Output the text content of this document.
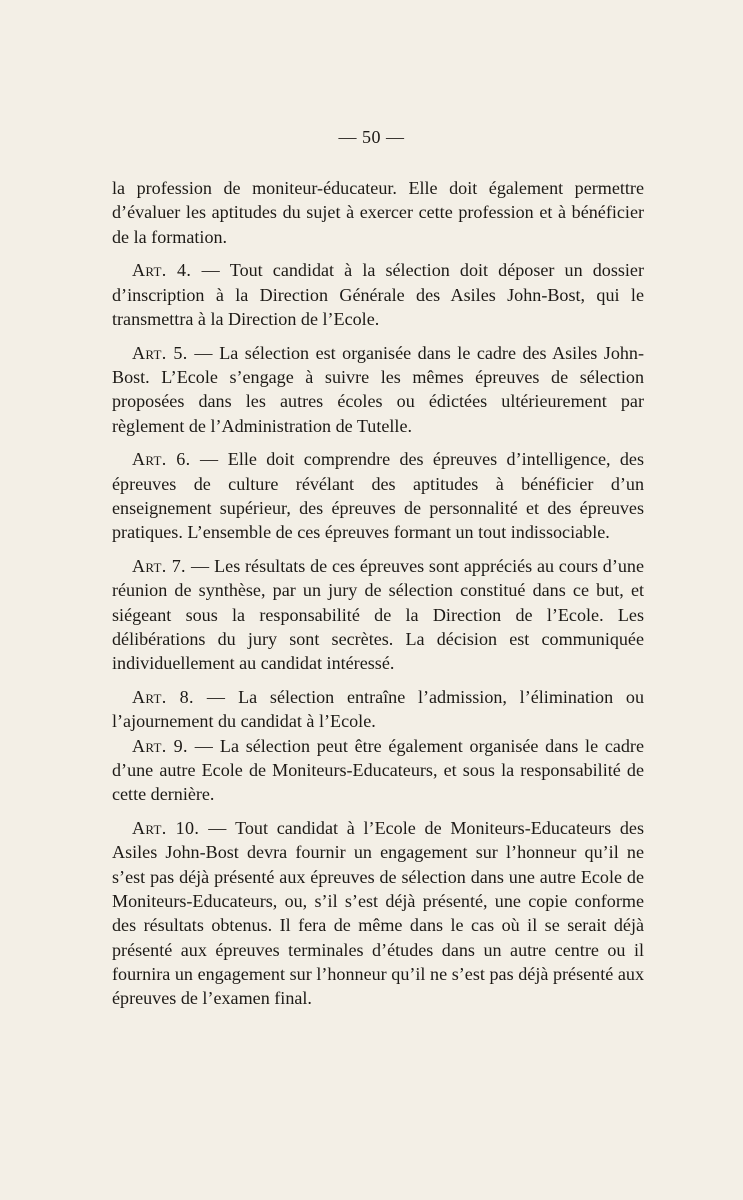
— 50 —

la profession de moniteur-éducateur. Elle doit également permettre d’évaluer les aptitudes du sujet à exercer cette profession et à bénéficier de la formation.

Art. 4. — Tout candidat à la sélection doit déposer un dossier d’inscription à la Direction Générale des Asiles John-Bost, qui le transmettra à la Direction de l’Ecole.

Art. 5. — La sélection est organisée dans le cadre des Asiles John-Bost. L’Ecole s’engage à suivre les mêmes épreuves de sélection proposées dans les autres écoles ou édictées ultérieurement par règlement de l’Administration de Tutelle.

Art. 6. — Elle doit comprendre des épreuves d’intelligence, des épreuves de culture révélant des aptitudes à bénéficier d’un enseignement supérieur, des épreuves de personnalité et des épreuves pratiques. L’ensemble de ces épreuves formant un tout indissociable.

Art. 7. — Les résultats de ces épreuves sont appréciés au cours d’une réunion de synthèse, par un jury de sélection constitué dans ce but, et siégeant sous la responsabilité de la Direction de l’Ecole. Les délibérations du jury sont secrètes. La décision est communiquée individuellement au candidat intéressé.

Art. 8. — La sélection entraîne l’admission, l’élimination ou l’ajournement du candidat à l’Ecole.

Art. 9. — La sélection peut être également organisée dans le cadre d’une autre Ecole de Moniteurs-Educateurs, et sous la responsabilité de cette dernière.

Art. 10. — Tout candidat à l’Ecole de Moniteurs-Educateurs des Asiles John-Bost devra fournir un engagement sur l’honneur qu’il ne s’est pas déjà présenté aux épreuves de sélection dans une autre Ecole de Moniteurs-Educateurs, ou, s’il s’est déjà présenté, une copie conforme des résultats obtenus. Il fera de même dans le cas où il se serait déjà présenté aux épreuves terminales d’études dans un autre centre ou il fournira un engagement sur l’honneur qu’il ne s’est pas déjà présenté aux épreuves de l’examen final.
